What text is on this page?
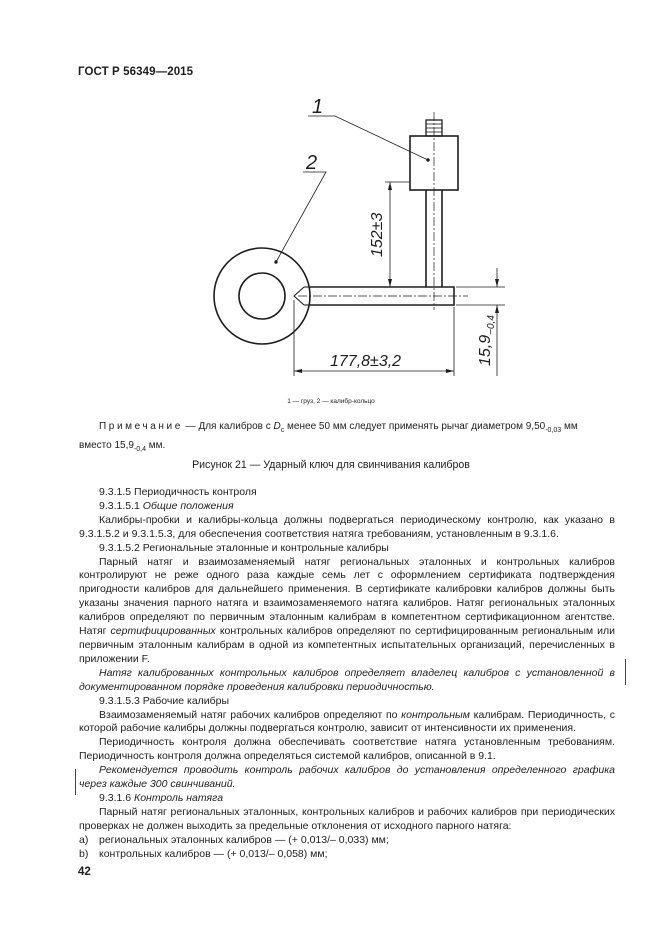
ГОСТ Р 56349—2015
1
2
152±3
177,8±3,2	$15,9_{-0,4}$
1 — груз, 2 — калибр-кольцо
Примечание — Для калибров с $D_c$ менее 50 мм следует применять рычаг диаметром $9,50_{-0,03}$ мм
вместо $15,9_{-0,4}$ мм.
Рисунок 21 — Ударный ключ для свинчивания калибров

9.3.1.5 Периодичность контроля

9.3.1.5.1 Общие положения

Калибры-пробки и калибры-кольца должны подвергаться периодическому контролю, как указано в 9.3.1.5.2 и 9.3.1.5.3, для обеспечения соответствия натяга требованиям, установленным в 9.3.1.6.

9.3.1.5.2 Региональные эталонные и контрольные калибры

Парный натяг и взаимозаменяемый натяг региональных эталонных и контрольных калибров контролируют не реже одного раза каждые семь лет с оформлением сертификата подтверждения пригодности калибров для дальнейшего применения. В сертификате калибровки калибров должны быть указаны значения парного натяга и взаимозаменяемого натяга калибров. Натяг региональных эталонных калибров определяют по первичным эталонным калибрам в компетентном сертификационном агентстве. Натяг сертифицированных контрольных калибров определяют по сертифицированным региональным или первичным эталонным калибрам в одной из компетентных испытательных организаций, перечисленных в приложении F.

Натяг калиброванных контрольных калибров определяет владелец калибров с установленной в документированном порядке проведения калибровки периодичностью.

9.3.1.5.3 Рабочие калибры

Взаимозаменяемый натяг рабочих калибров определяют по контрольным калибрам. Периодичность, с которой рабочие калибры должны подвергаться контролю, зависит от интенсивности их применения.

Периодичность контроля должна обеспечивать соответствие натяга установленным требованиям. Периодичность контроля должна определяться системой калибров, описанной в 9.1.

Рекомендуется проводить контроль рабочих калибров до установления определенного графика через каждые 300 свинчиваний.

9.3.1.6 Контроль натяга

Парный натяг региональных эталонных, контрольных калибров и рабочих калибров при периодических проверках не должен выходить за предельные отклонения от исходного парного натяга:

а) региональных эталонных калибров — (+ 0,013/– 0,033) мм;

b) контрольных калибров — (+ 0,013/– 0,058) мм;

42
